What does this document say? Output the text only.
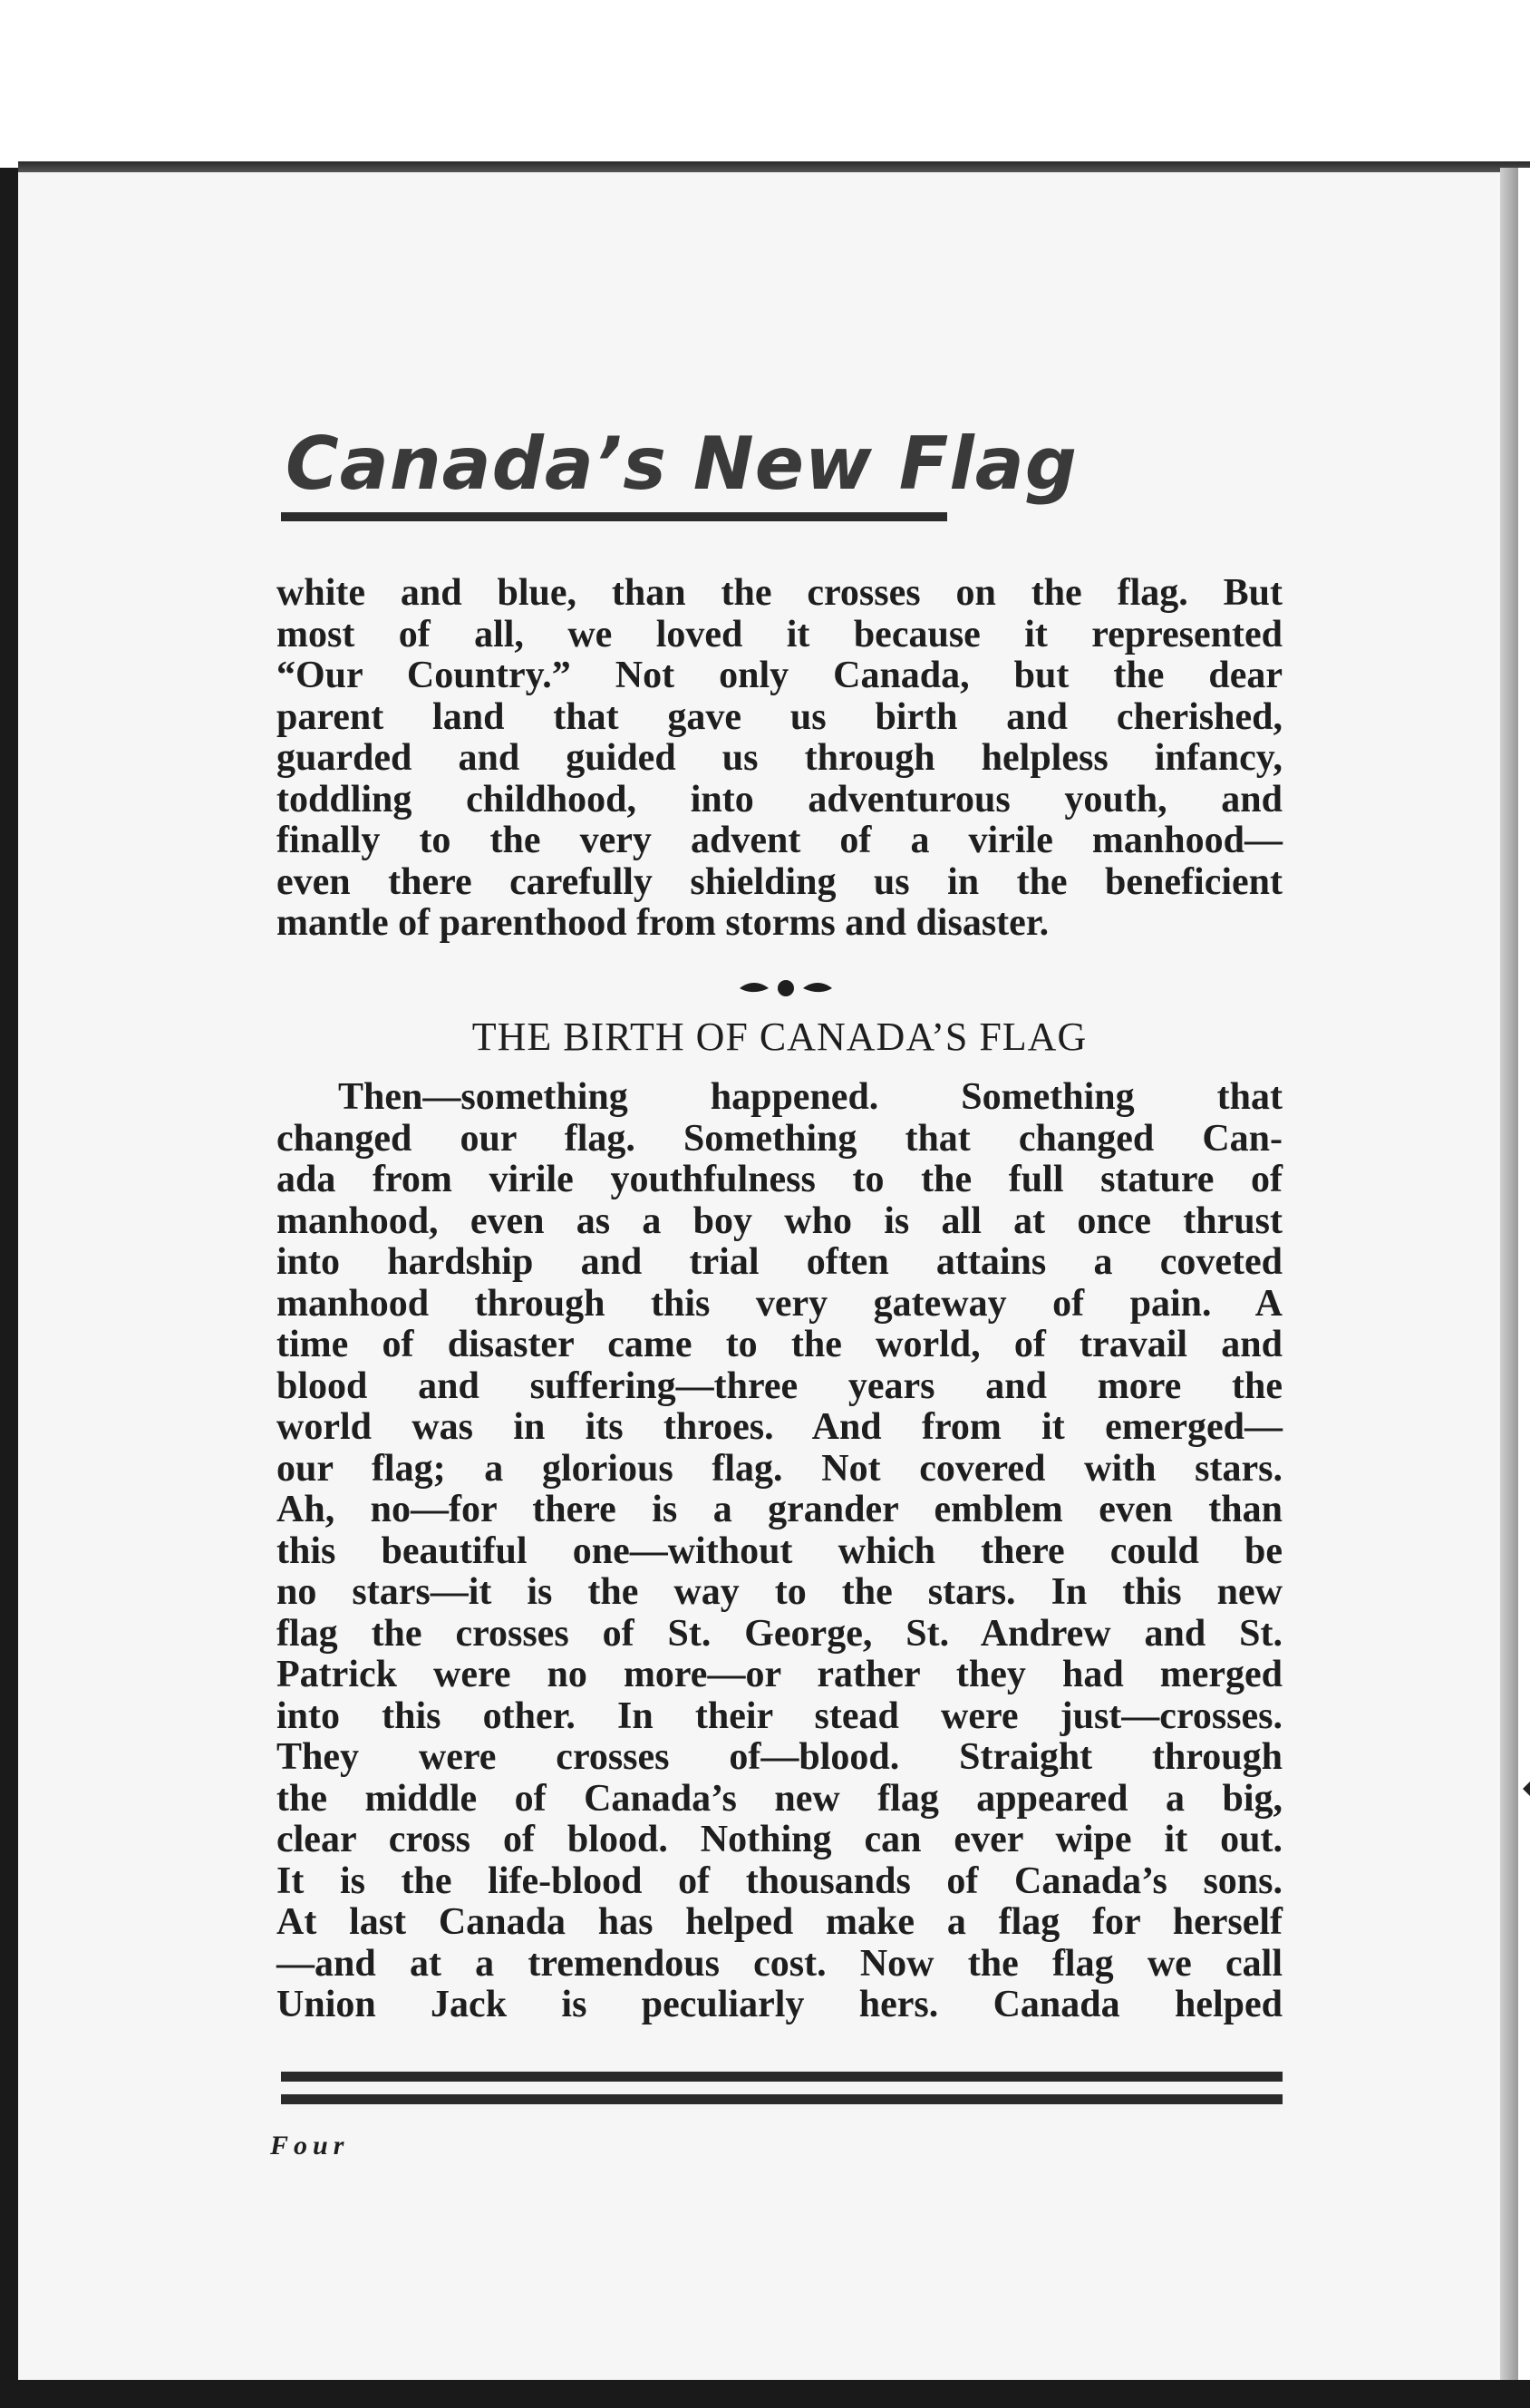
Canada’s New Flag
white and blue, than the crosses on the flag. But
most of all, we loved it because it represented
“Our Country.” Not only Canada, but the dear
parent land that gave us birth and cherished,
guarded and guided us through helpless infancy,
toddling childhood, into adventurous youth, and
finally to the very advent of a virile manhood—
even there carefully shielding us in the beneficient
mantle of parenthood from storms and disaster.
THE BIRTH OF CANADA’S FLAG
Then—something happened. Something that
changed our flag. Something that changed Can-
ada from virile youthfulness to the full stature of
manhood, even as a boy who is all at once thrust
into hardship and trial often attains a coveted
manhood through this very gateway of pain. A
time of disaster came to the world, of travail and
blood and suffering—three years and more the
world was in its throes. And from it emerged—
our flag; a glorious flag. Not covered with stars.
Ah, no—for there is a grander emblem even than
this beautiful one—without which there could be
no stars—it is the way to the stars. In this new
flag the crosses of St. George, St. Andrew and St.
Patrick were no more—or rather they had merged
into this other. In their stead were just—crosses.
They were crosses of—blood. Straight through
the middle of Canada’s new flag appeared a big,
clear cross of blood. Nothing can ever wipe it out.
It is the life-blood of thousands of Canada’s sons.
At last Canada has helped make a flag for herself
—and at a tremendous cost. Now the flag we call
Union Jack is peculiarly hers. Canada helped
Four
